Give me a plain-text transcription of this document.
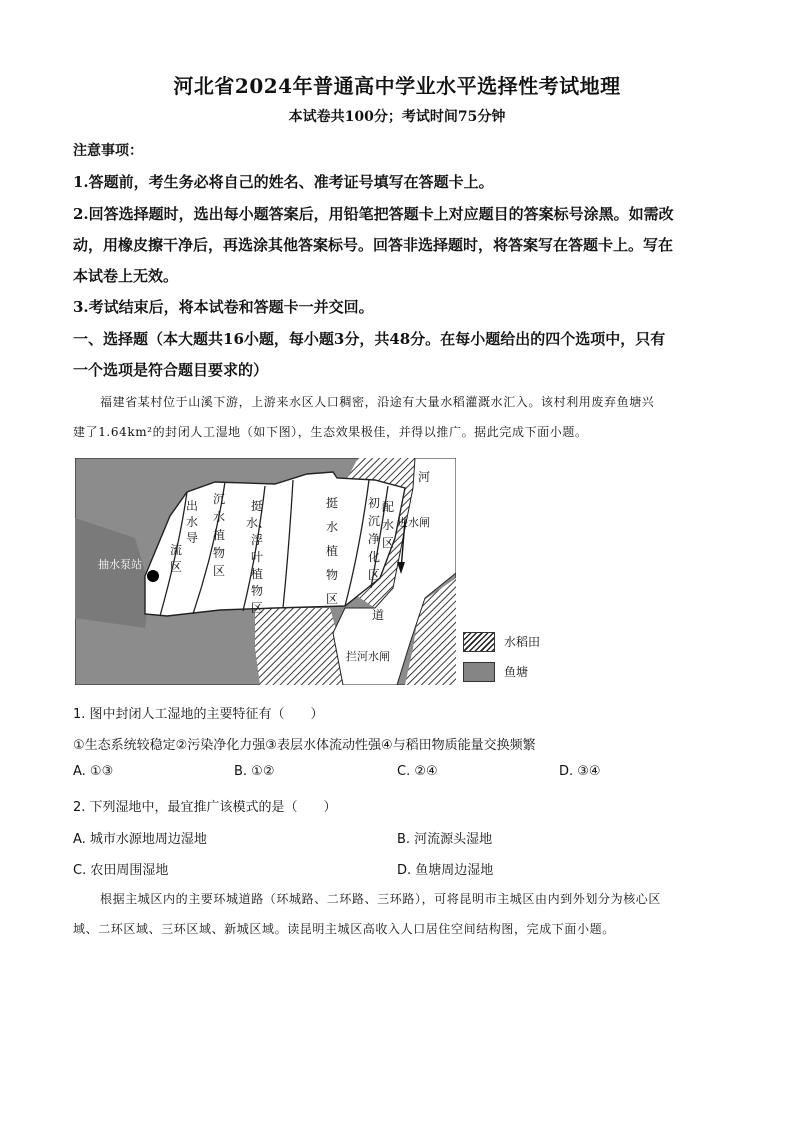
河北省2024年普通高中学业水平选择性考试地理
本试卷共100分；考试时间75分钟
注意事项：
1.答题前，考生务必将自己的姓名、准考证号填写在答题卡上。
2.回答选择题时，选出每小题答案后，用铅笔把答题卡上对应题目的答案标号涂黑。如需改
动，用橡皮擦干净后，再选涂其他答案标号。回答非选择题时，将答案写在答题卡上。写在
本试卷上无效。
3.考试结束后，将本试卷和答题卡一并交回。
一、选择题（本大题共16小题，每小题3分，共48分。在每小题给出的四个选项中，只有
一个选项是符合题目要求的）
福建省某村位于山溪下游，上游来水区人口稠密，沿途有大量水稻灌溉水汇入。该村利用废弃鱼塘兴
建了1.64km²的封闭人工湿地（如下图），生态效果极佳，并得以推广。据此完成下面小题。
出
水
导
流
区
沉
水
植
物
区
挺
水、
浮
叶
植
物
区
挺
水
植
物
区
初
沉
净
化
区
配
水
区
河
道
进水闸
抽水泵站
拦河水闸
水稻田
鱼塘
1. 图中封闭人工湿地的主要特征有（　　）
①生态系统较稳定②污染净化力强③表层水体流动性强④与稻田物质能量交换频繁
A. ①③	B. ①②	C. ②④	D. ③④
2. 下列湿地中，最宜推广该模式的是（　　）
A. 城市水源地周边湿地	B. 河流源头湿地
C. 农田周围湿地	D. 鱼塘周边湿地
根据主城区内的主要环城道路（环城路、二环路、三环路），可将昆明市主城区由内到外划分为核心区
域、二环区域、三环区域、新城区域。读昆明主城区高收入人口居住空间结构图，完成下面小题。
